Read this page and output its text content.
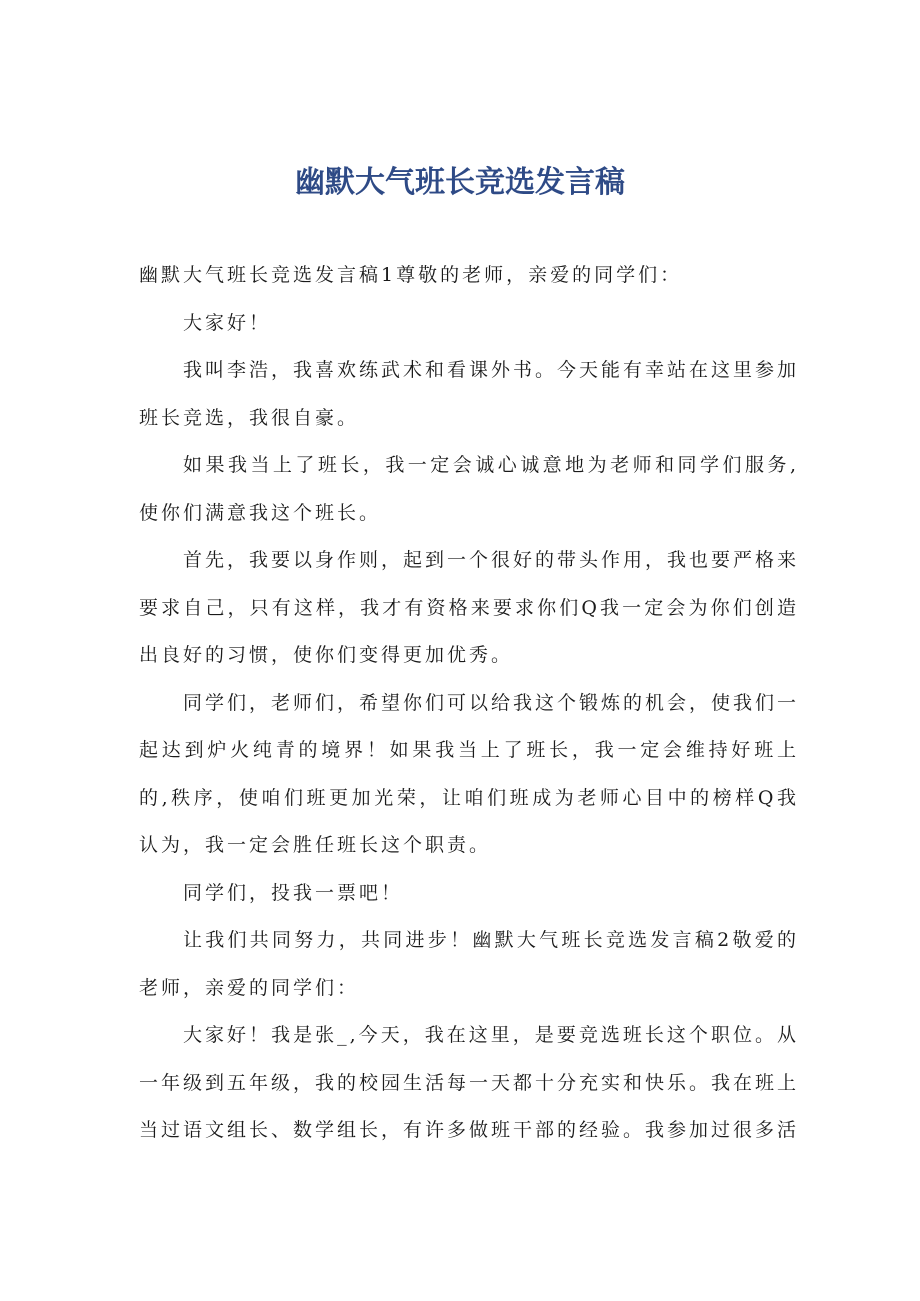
幽默大气班长竞选发言稿

幽默大气班长竞选发言稿1尊敬的老师，亲爱的同学们：

大家好！

我叫李浩，我喜欢练武术和看课外书。今天能有幸站在这里参加班长竞选，我很自豪。

如果我当上了班长，我一定会诚心诚意地为老师和同学们服务,使你们满意我这个班长。

首先，我要以身作则，起到一个很好的带头作用，我也要严格来要求自己，只有这样，我才有资格来要求你们Q我一定会为你们创造出良好的习惯，使你们变得更加优秀。

同学们，老师们，希望你们可以给我这个锻炼的机会，使我们一起达到炉火纯青的境界！如果我当上了班长，我一定会维持好班上的,秩序，使咱们班更加光荣，让咱们班成为老师心目中的榜样Q我认为，我一定会胜任班长这个职责。

同学们，投我一票吧！

让我们共同努力，共同进步！幽默大气班长竞选发言稿2敬爱的老师，亲爱的同学们：

大家好！我是张_,今天，我在这里，是要竞选班长这个职位。从一年级到五年级，我的校园生活每一天都十分充实和快乐。我在班上当过语文组长、数学组长，有许多做班干部的经验。我参加过很多活
